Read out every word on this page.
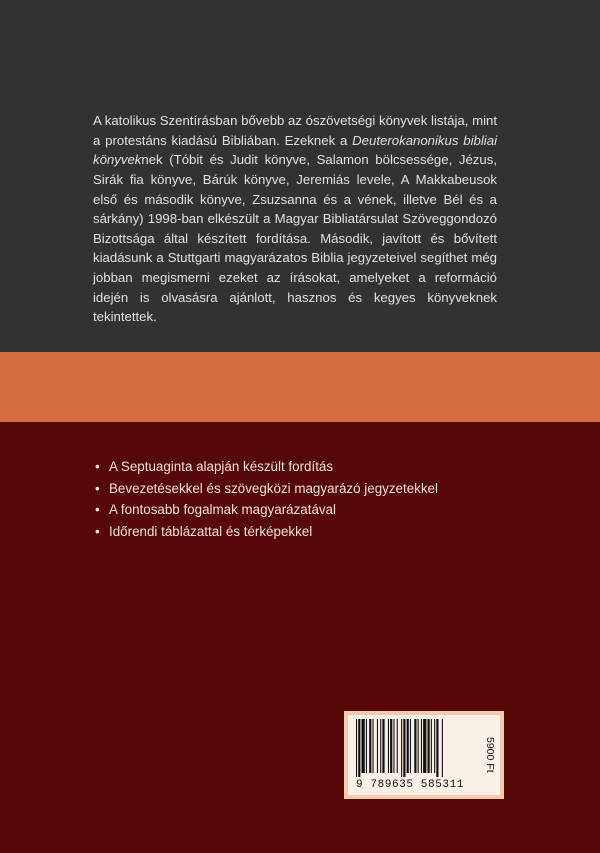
A katolikus Szentírásban bővebb az ószövetségi könyvek listája, mint a protestáns kiadású Bibliában. Ezeknek a Deuterokanonikus bibliai könyveknek (Tóbit és Judit könyve, Salamon bölcsessége, Jézus, Sirák fia könyve, Bárúk könyve, Jeremiás levele, A Makkabeusok első és második könyve, Zsuzsanna és a vének, illetve Bél és a sárkány) 1998-ban elkészült a Magyar Bibliatársulat Szöveggondozó Bizottsága által készített fordítása. Második, javított és bővített kiadásunk a Stuttgarti magyarázatos Biblia jegyzeteivel segíthet még jobban megismerni ezeket az írásokat, amelyeket a reformáció idején is olvasásra ajánlott, hasznos és kegyes könyveknek tekintettek.

• A Septuaginta alapján készült fordítás
• Bevezetésekkel és szövegközi magyarázó jegyzetekkel
• A fontosabb fogalmak magyarázatával
• Időrendi táblázattal és térképekkel
9 789635 585311
5900 Ft
